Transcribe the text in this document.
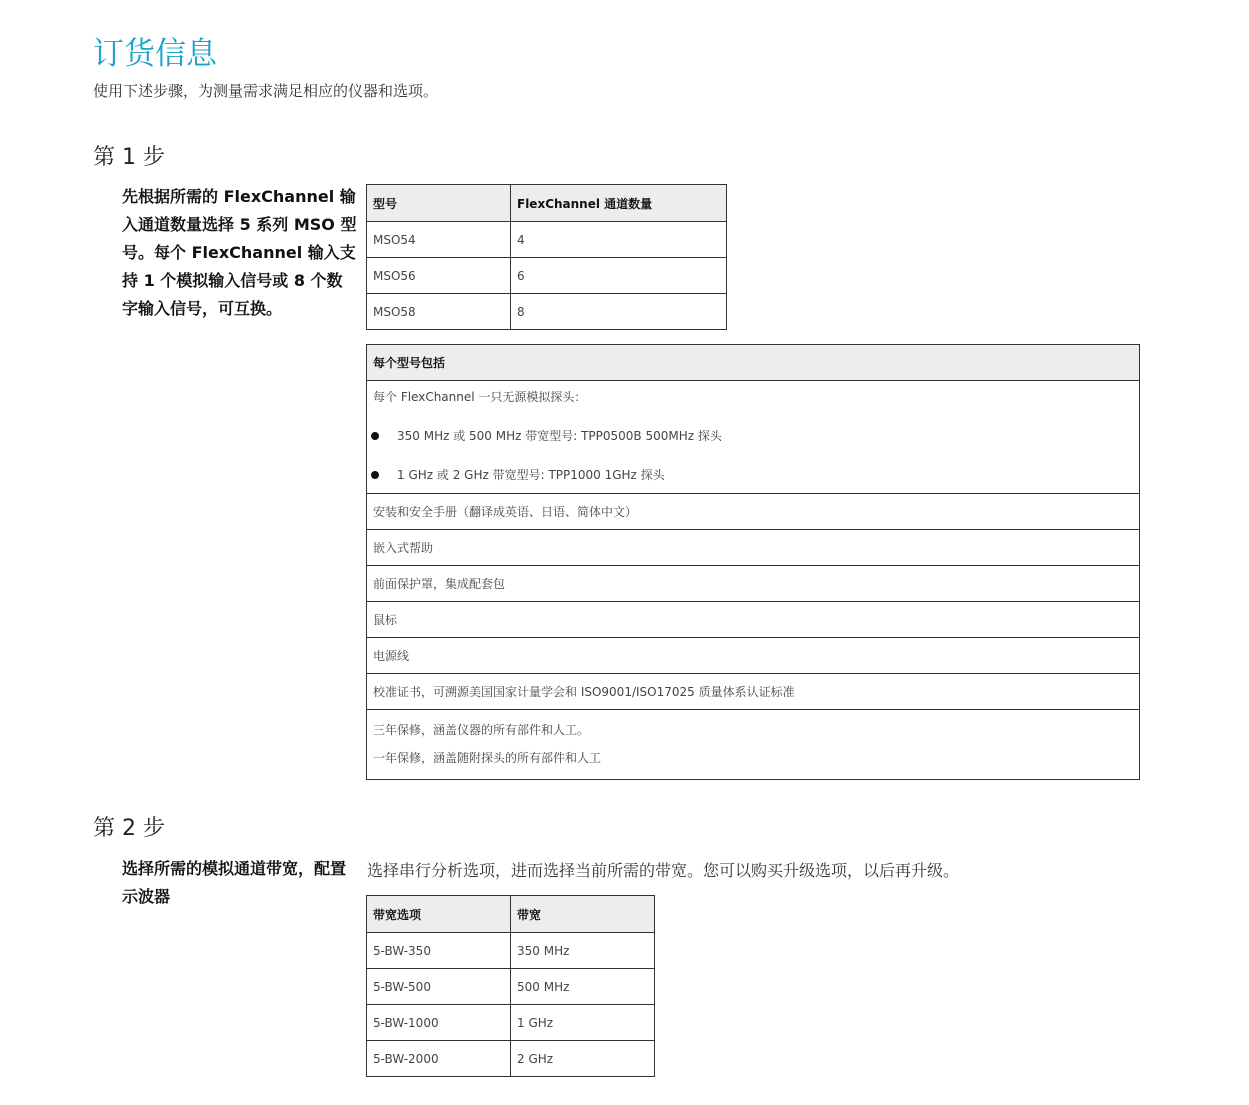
订货信息
使用下述步骤，为测量需求满足相应的仪器和选项。
第 1 步
先根据所需的 FlexChannel 输入通道数量选择 5 系列 MSO 型号。每个 FlexChannel 输入支持 1 个模拟输入信号或 8 个数字输入信号，可互换。
型号	FlexChannel 通道数量
MSO54	4
MSO56	6
MSO58	8
每个型号包括

每个 FlexChannel 一只无源模拟探头：
350 MHz 或 500 MHz 带宽型号: TPP0500B 500MHz 探头
1 GHz 或 2 GHz 带宽型号: TPP1000 1GHz 探头

安装和安全手册（翻译成英语、日语、简体中文）
嵌入式帮助
前面保护罩，集成配套包
鼠标
电源线
校准证书，可溯源美国国家计量学会和 ISO9001/ISO17025 质量体系认证标准

三年保修，涵盖仪器的所有部件和人工。
一年保修，涵盖随附探头的所有部件和人工
第 2 步
选择所需的模拟通道带宽，配置示波器
选择串行分析选项，进而选择当前所需的带宽。您可以购买升级选项，以后再升级。
带宽选项	带宽
5-BW-350	350 MHz
5-BW-500	500 MHz
5-BW-1000	1 GHz
5-BW-2000	2 GHz
